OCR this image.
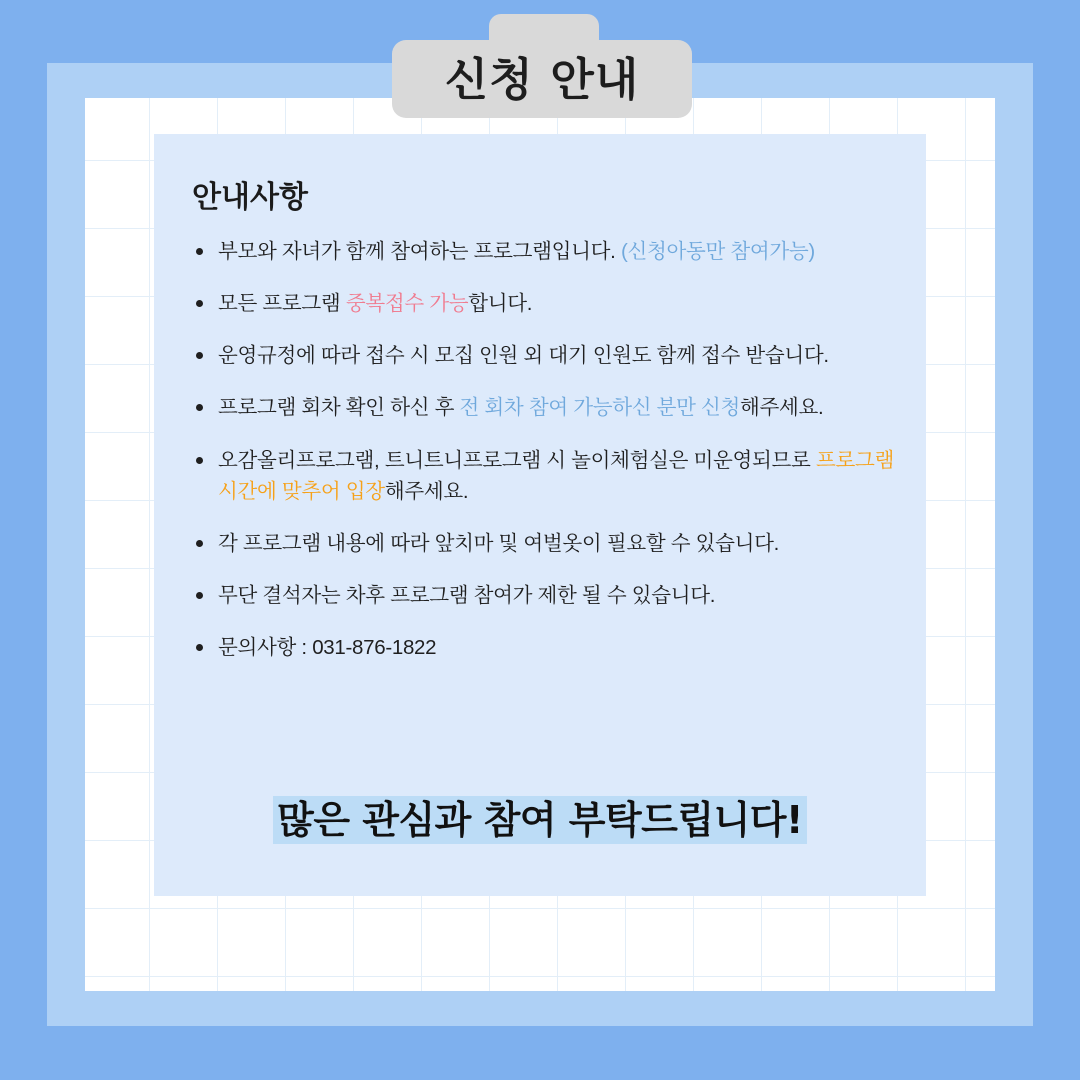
신청 안내
안내사항
부모와 자녀가 함께 참여하는 프로그램입니다. (신청아동만 참여가능)
모든 프로그램 중복접수 가능합니다.
운영규정에 따라 접수 시 모집 인원 외 대기 인원도 함께 접수 받습니다.
프로그램 회차 확인 하신 후 전 회차 참여 가능하신 분만 신청해주세요.
오감올리프로그램, 트니트니프로그램 시 놀이체험실은 미운영되므로 프로그램 시간에 맞추어 입장해주세요.
각 프로그램 내용에 따라 앞치마 및 여벌옷이 필요할 수 있습니다.
무단 결석자는 차후 프로그램 참여가 제한 될 수 있습니다.
문의사항 : 031-876-1822
많은 관심과 참여 부탁드립니다!
